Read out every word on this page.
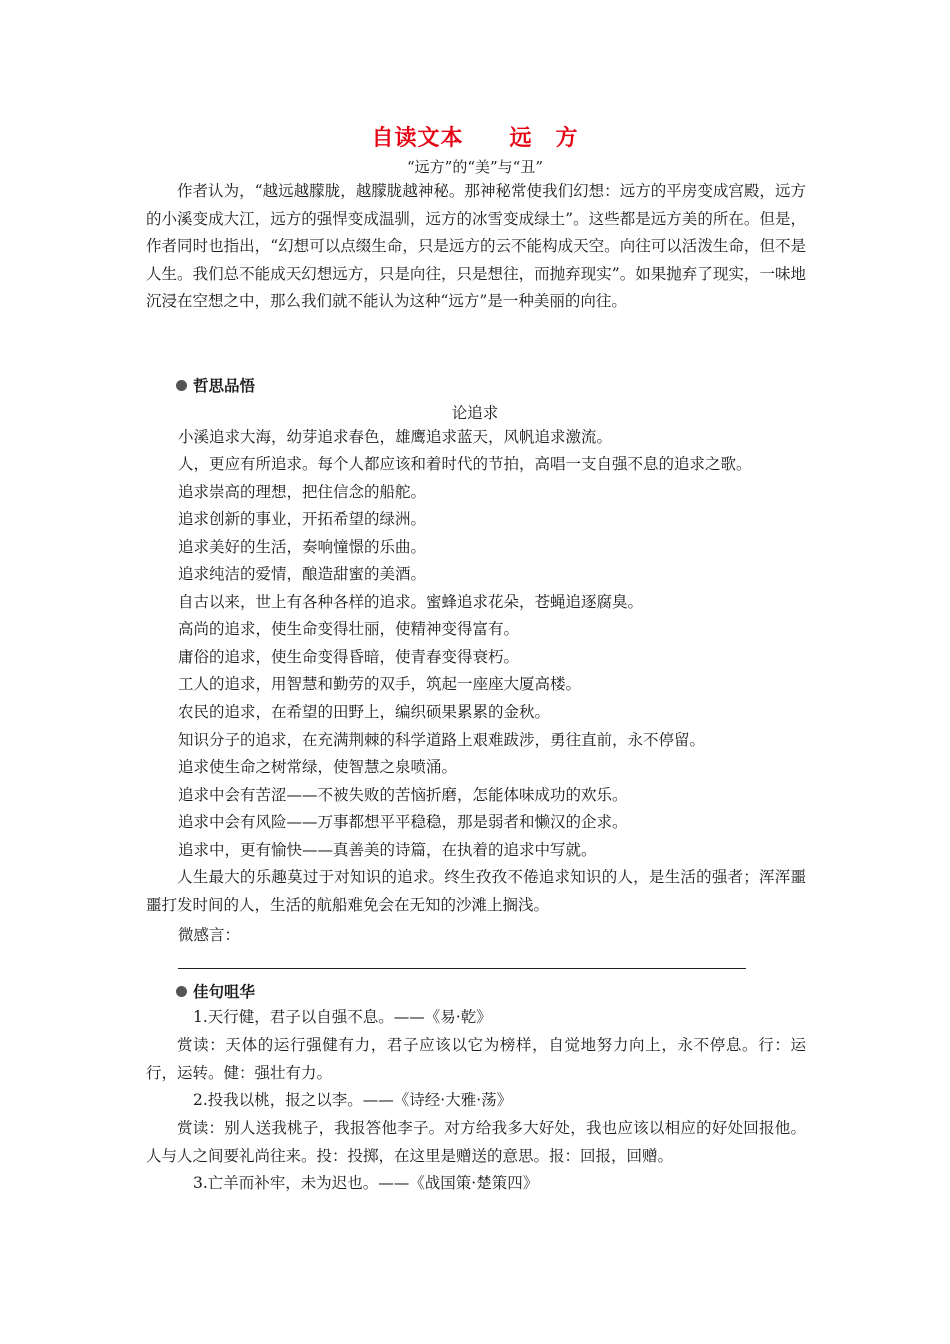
自读文本　　远　方
“远方”的“美”与“丑”

作者认为，“越远越朦胧，越朦胧越神秘。那神秘常使我们幻想：远方的平房变成宫殿，远方的小溪变成大江，远方的强悍变成温驯，远方的冰雪变成绿土”。这些都是远方美的所在。但是，作者同时也指出，“幻想可以点缀生命，只是远方的云不能构成天空。向往可以活泼生命，但不是人生。我们总不能成天幻想远方，只是向往，只是想往，而抛弃现实”。如果抛弃了现实，一味地沉浸在空想之中，那么我们就不能认为这种“远方”是一种美丽的向往。

哲思品悟
论追求
小溪追求大海，幼芽追求春色，雄鹰追求蓝天，风帆追求激流。
人，更应有所追求。每个人都应该和着时代的节拍，高唱一支自强不息的追求之歌。
追求崇高的理想，把住信念的船舵。
追求创新的事业，开拓希望的绿洲。
追求美好的生活，奏响憧憬的乐曲。
追求纯洁的爱情，酿造甜蜜的美酒。
自古以来，世上有各种各样的追求。蜜蜂追求花朵，苍蝇追逐腐臭。
高尚的追求，使生命变得壮丽，使精神变得富有。
庸俗的追求，使生命变得昏暗，使青春变得衰朽。
工人的追求，用智慧和勤劳的双手，筑起一座座大厦高楼。
农民的追求，在希望的田野上，编织硕果累累的金秋。
知识分子的追求，在充满荆棘的科学道路上艰难跋涉，勇往直前，永不停留。
追求使生命之树常绿，使智慧之泉喷涌。
追求中会有苦涩——不被失败的苦恼折磨，怎能体味成功的欢乐。
追求中会有风险——万事都想平平稳稳，那是弱者和懒汉的企求。
追求中，更有愉快——真善美的诗篇，在执着的追求中写就。

人生最大的乐趣莫过于对知识的追求。终生孜孜不倦追求知识的人，是生活的强者；浑浑噩噩打发时间的人，生活的航船难免会在无知的沙滩上搁浅。

微感言：
佳句咀华
1.天行健，君子以自强不息。——《易·乾》

赏读：天体的运行强健有力，君子应该以它为榜样，自觉地努力向上，永不停息。行：运行，运转。健：强壮有力。

2.投我以桃，报之以李。——《诗经·大雅·荡》

赏读：别人送我桃子，我报答他李子。对方给我多大好处，我也应该以相应的好处回报他。人与人之间要礼尚往来。投：投掷，在这里是赠送的意思。报：回报，回赠。

3.亡羊而补牢，未为迟也。——《战国策·楚策四》
